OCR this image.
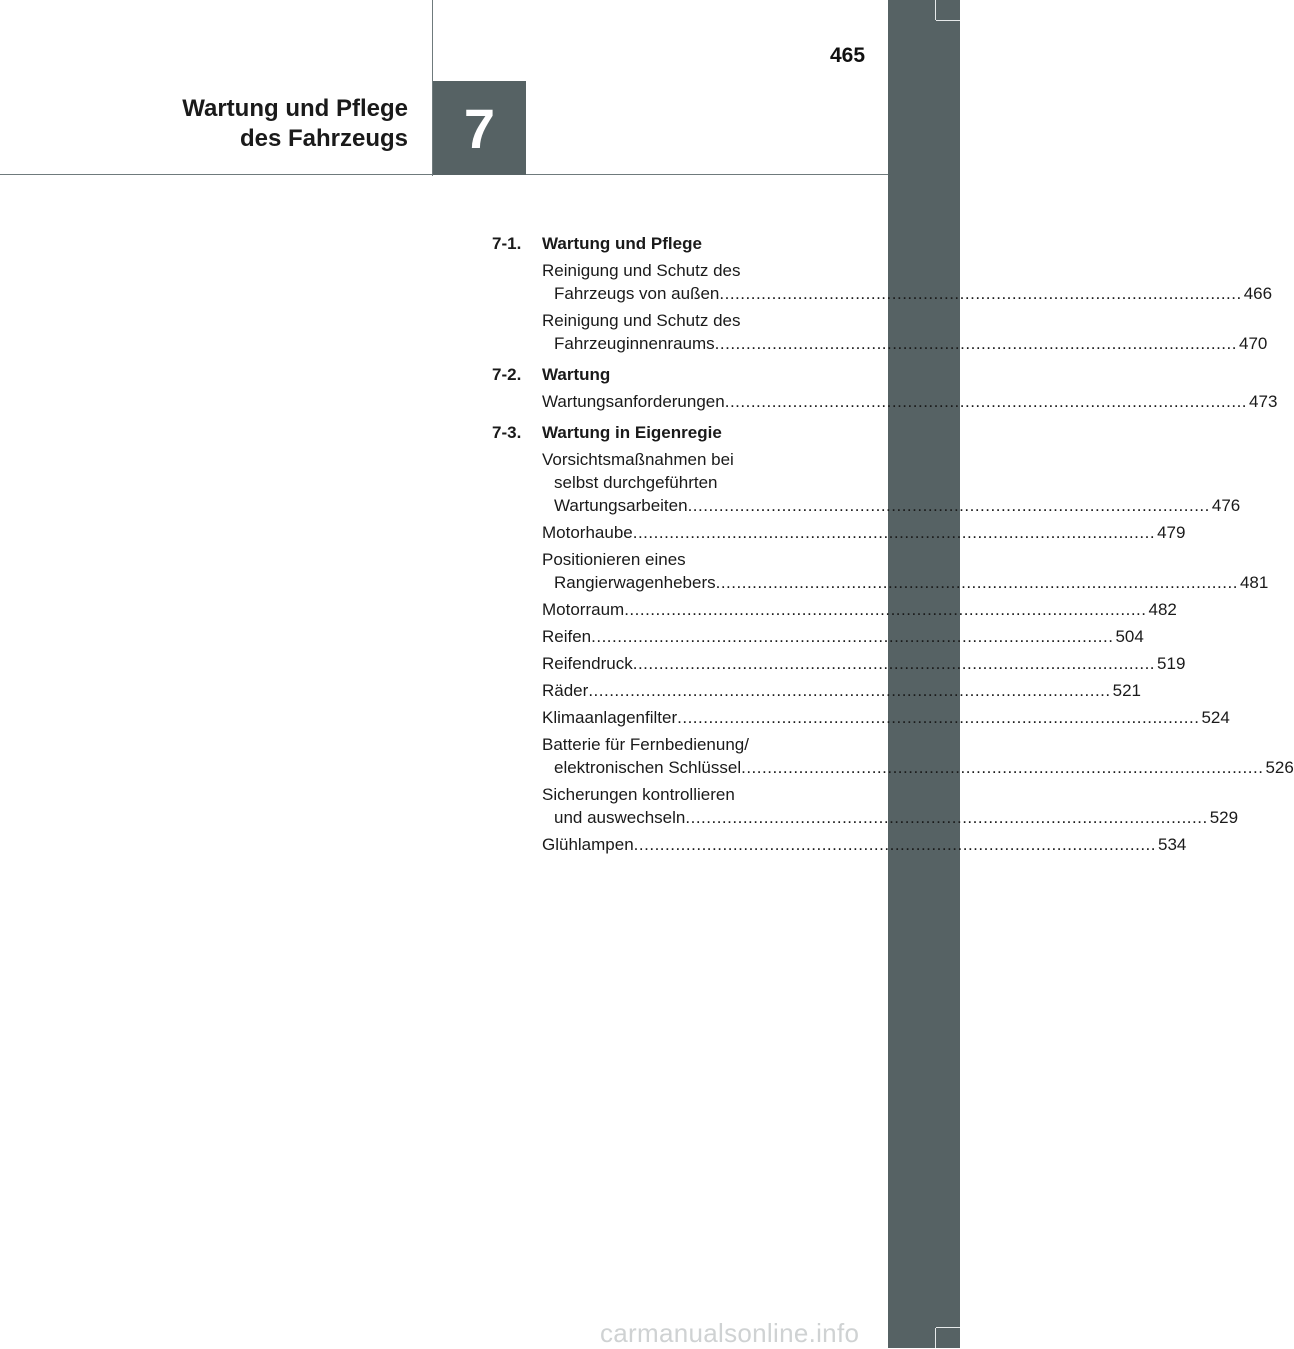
Wartung und Pflege
des Fahrzeugs 7
465
7-1. Wartung und Pflege
Reinigung und Schutz des
Fahrzeugs von außen .....	466
Reinigung und Schutz des
Fahrzeuginnenraums .....	470
7-2. Wartung
Wartungsanforderungen .....	473
7-3. Wartung in Eigenregie
Vorsichtsmaßnahmen bei
selbst durchgeführten
Wartungsarbeiten .....	476
Motorhaube .....	479
Positionieren eines
Rangierwagenhebers .....	481
Motorraum .....	482
Reifen .....	504
Reifendruck .....	519
Räder .....	521
Klimaanlagenfilter .....	524
Batterie für Fernbedienung/
elektronischen Schlüssel .....	526
Sicherungen kontrollieren
und auswechseln .....	529
Glühlampen .....	534
carmanualsonline.info
